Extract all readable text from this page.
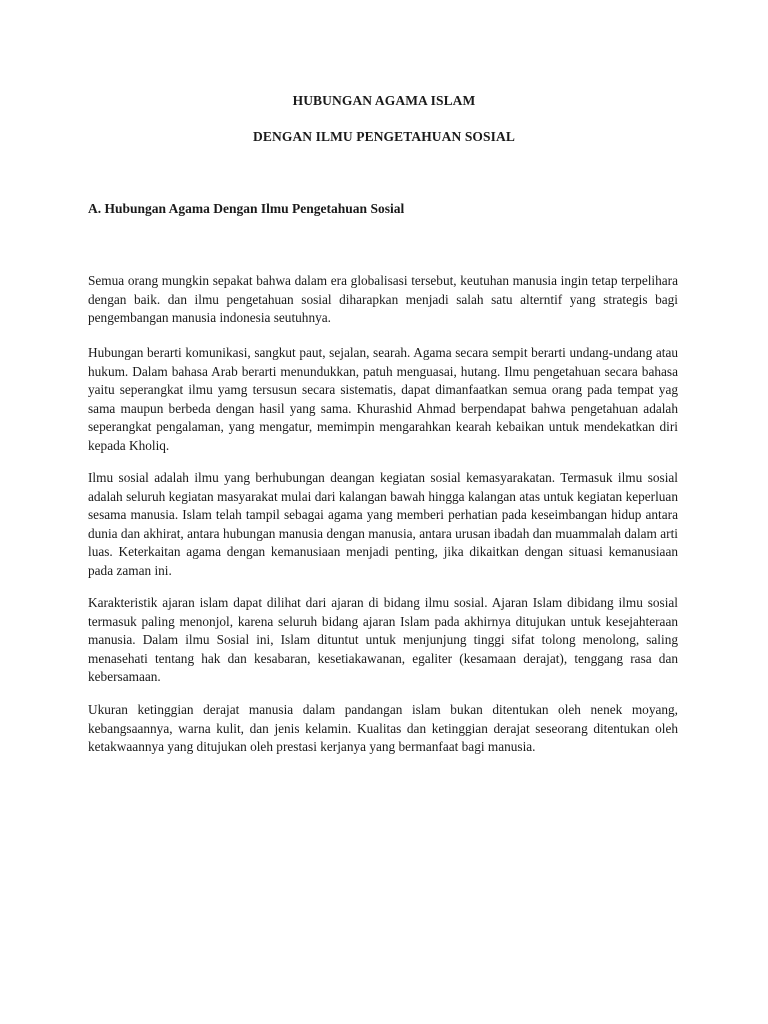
HUBUNGAN AGAMA ISLAM
DENGAN ILMU PENGETAHUAN SOSIAL
A. Hubungan Agama Dengan Ilmu Pengetahuan Sosial

Semua orang mungkin sepakat bahwa dalam era globalisasi tersebut, keutuhan manusia ingin tetap terpelihara dengan baik. dan ilmu pengetahuan sosial diharapkan menjadi salah satu alterntif yang strategis bagi pengembangan manusia indonesia seutuhnya.

Hubungan berarti komunikasi, sangkut paut, sejalan, searah. Agama secara sempit berarti undang-undang atau hukum. Dalam bahasa Arab berarti menundukkan, patuh menguasai, hutang. Ilmu pengetahuan secara bahasa yaitu seperangkat ilmu yamg tersusun secara sistematis, dapat dimanfaatkan semua orang pada tempat yag sama maupun berbeda dengan hasil yang sama. Khurashid Ahmad berpendapat bahwa pengetahuan adalah seperangkat pengalaman, yang mengatur, memimpin mengarahkan kearah kebaikan untuk mendekatkan diri kepada Kholiq.

Ilmu sosial adalah ilmu yang berhubungan deangan kegiatan sosial kemasyarakatan. Termasuk ilmu sosial adalah seluruh kegiatan masyarakat mulai dari kalangan bawah hingga kalangan atas untuk kegiatan keperluan sesama manusia. Islam telah tampil sebagai agama yang memberi perhatian pada keseimbangan hidup antara dunia dan akhirat, antara hubungan manusia dengan manusia, antara urusan ibadah dan muammalah dalam arti luas. Keterkaitan agama dengan kemanusiaan menjadi penting, jika dikaitkan dengan situasi kemanusiaan pada zaman ini.

Karakteristik ajaran islam dapat dilihat dari ajaran di bidang ilmu sosial. Ajaran Islam dibidang ilmu sosial termasuk paling menonjol, karena seluruh bidang ajaran Islam pada akhirnya ditujukan untuk kesejahteraan manusia. Dalam ilmu Sosial ini, Islam dituntut untuk menjunjung tinggi sifat tolong menolong, saling menasehati tentang hak dan kesabaran, kesetiakawanan, egaliter (kesamaan derajat), tenggang rasa dan kebersamaan.

Ukuran ketinggian derajat manusia dalam pandangan islam bukan ditentukan oleh nenek moyang, kebangsaannya, warna kulit, dan jenis kelamin. Kualitas dan ketinggian derajat seseorang ditentukan oleh ketakwaannya yang ditujukan oleh prestasi kerjanya yang bermanfaat bagi manusia.
